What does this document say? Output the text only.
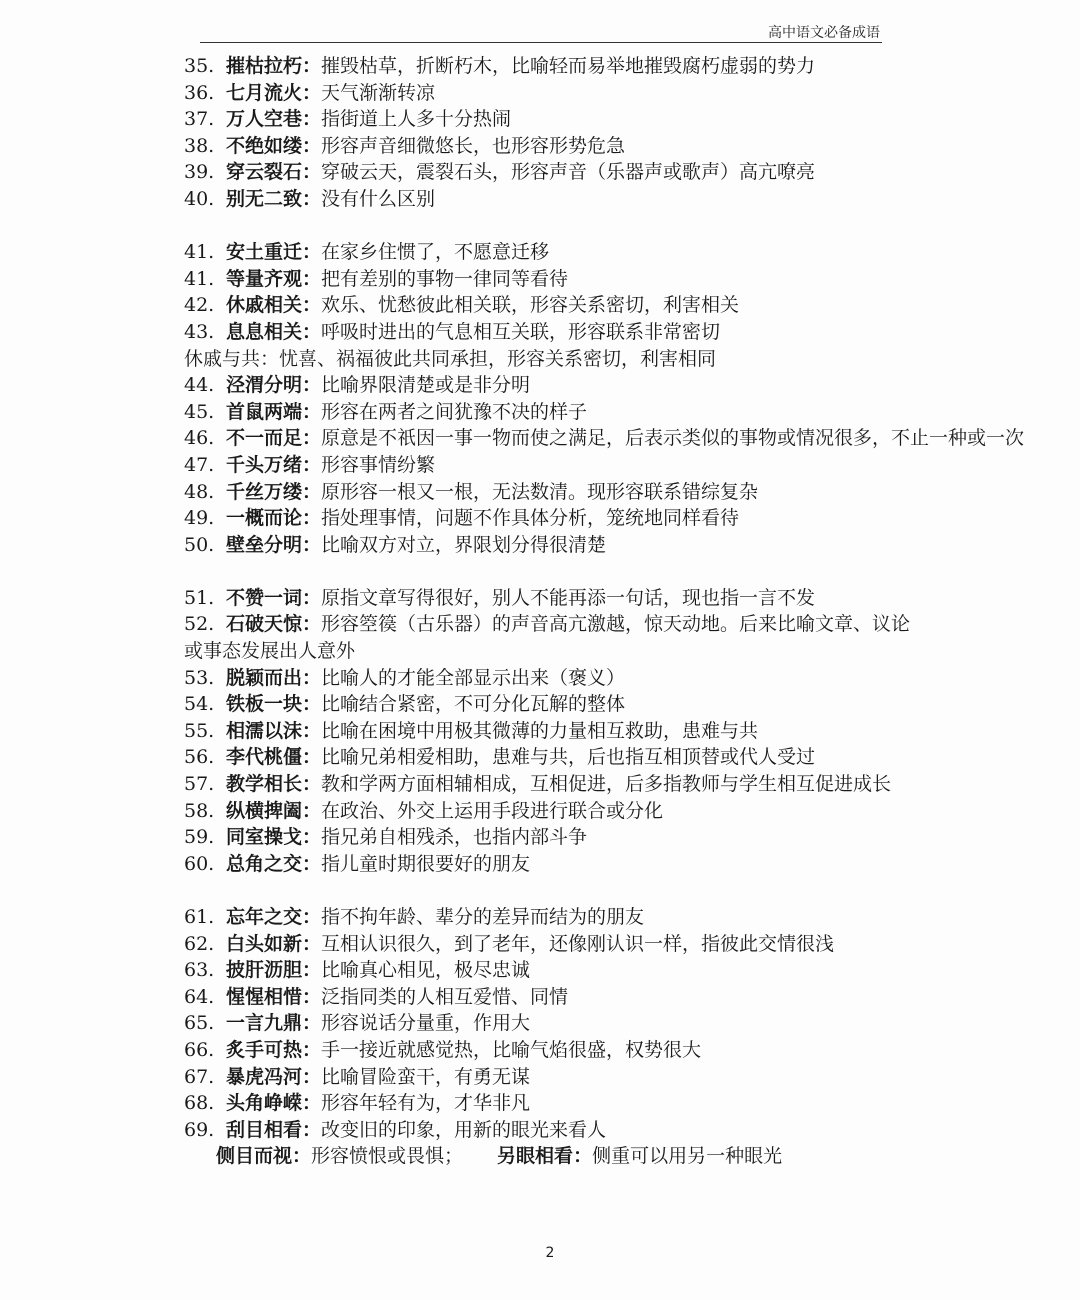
高中语文必备成语
35. 摧枯拉朽：摧毁枯草，折断朽木，比喻轻而易举地摧毁腐朽虚弱的势力
36. 七月流火：天气渐渐转凉
37. 万人空巷：指街道上人多十分热闹
38. 不绝如缕：形容声音细微悠长，也形容形势危急
39. 穿云裂石：穿破云天，震裂石头，形容声音（乐器声或歌声）高亢嘹亮
40. 别无二致：没有什么区别
41. 安土重迁：在家乡住惯了，不愿意迁移
41. 等量齐观：把有差别的事物一律同等看待
42. 休戚相关：欢乐、忧愁彼此相关联，形容关系密切，利害相关
43. 息息相关：呼吸时进出的气息相互关联，形容联系非常密切
休戚与共：忧喜、祸福彼此共同承担，形容关系密切，利害相同
44. 泾渭分明：比喻界限清楚或是非分明
45. 首鼠两端：形容在两者之间犹豫不决的样子
46. 不一而足：原意是不祇因一事一物而使之满足，后表示类似的事物或情况很多，不止一种或一次
47. 千头万绪：形容事情纷繁
48. 千丝万缕：原形容一根又一根，无法数清。现形容联系错综复杂
49. 一概而论：指处理事情，问题不作具体分析，笼统地同样看待
50. 壁垒分明：比喻双方对立，界限划分得很清楚
51. 不赞一词：原指文章写得很好，别人不能再添一句话，现也指一言不发
52. 石破天惊：形容箜篌（古乐器）的声音高亢激越，惊天动地。后来比喻文章、议论或事态发展出人意外
53. 脱颖而出：比喻人的才能全部显示出来（褒义）
54. 铁板一块：比喻结合紧密，不可分化瓦解的整体
55. 相濡以沫：比喻在困境中用极其微薄的力量相互救助，患难与共
56. 李代桃僵：比喻兄弟相爱相助，患难与共，后也指互相顶替或代人受过
57. 教学相长：教和学两方面相辅相成，互相促进，后多指教师与学生相互促进成长
58. 纵横捭阖：在政治、外交上运用手段进行联合或分化
59. 同室操戈：指兄弟自相残杀，也指内部斗争
60. 总角之交：指儿童时期很要好的朋友
61. 忘年之交：指不拘年龄、辈分的差异而结为的朋友
62. 白头如新：互相认识很久，到了老年，还像刚认识一样，指彼此交情很浅
63. 披肝沥胆：比喻真心相见，极尽忠诚
64. 惺惺相惜：泛指同类的人相互爱惜、同情
65. 一言九鼎：形容说话分量重，作用大
66. 炙手可热：手一接近就感觉热，比喻气焰很盛，权势很大
67. 暴虎冯河：比喻冒险蛮干，有勇无谋
68. 头角峥嵘：形容年轻有为，才华非凡
69. 刮目相看：改变旧的印象，用新的眼光来看人
侧目而视：形容愤恨或畏惧； 另眼相看：侧重可以用另一种眼光
2
